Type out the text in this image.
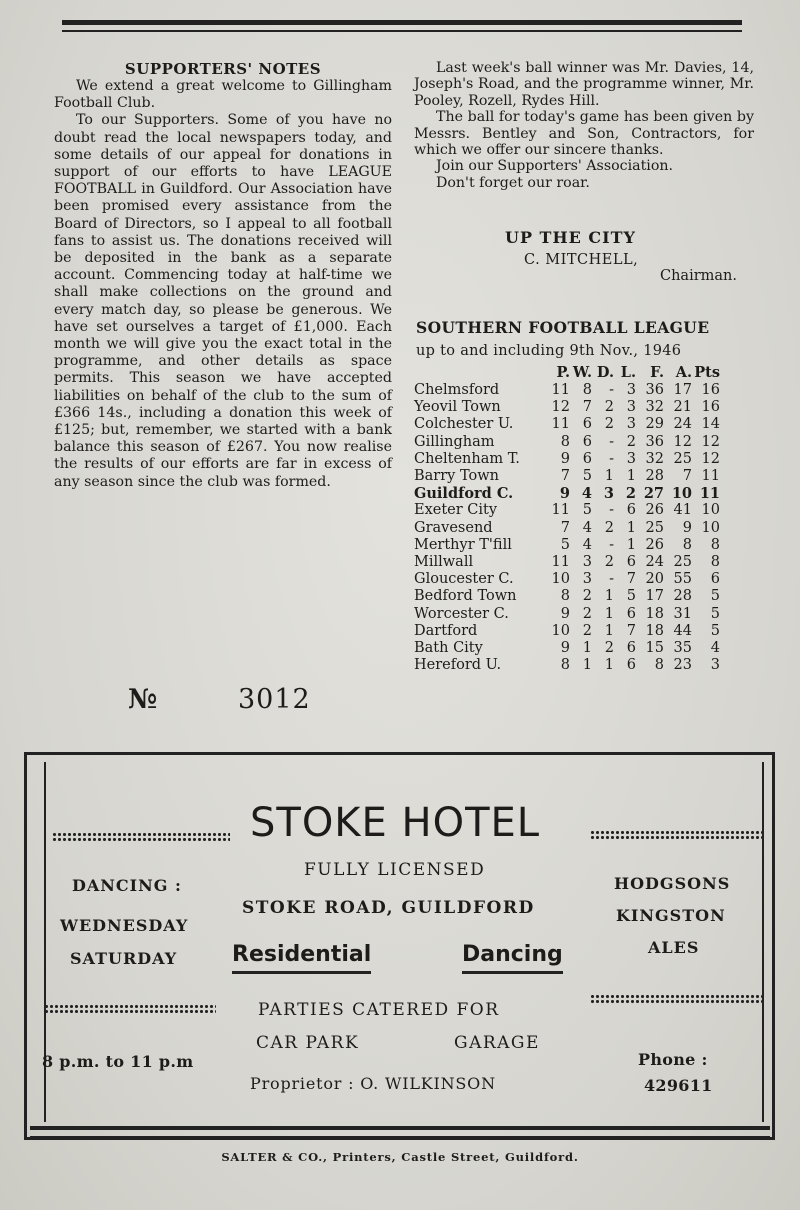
SUPPORTERS' NOTES

We extend a great welcome to Gillingham Football Club.

To our Supporters. Some of you have no doubt read the local newspapers today, and some details of our appeal for donations in support of our efforts to have LEAGUE FOOTBALL in Guildford. Our Association have been promised every assistance from the Board of Directors, so I appeal to all football fans to assist us. The donations received will be deposited in the bank as a separate account. Commencing today at half-time we shall make collections on the ground and every match day, so please be generous. We have set ourselves a target of £1,000. Each month we will give you the exact total in the programme, and other details as space permits. This season we have accepted liabilities on behalf of the club to the sum of £366 14s., including a donation this week of £125; but, remember, we started with a bank balance this season of £267. You now realise the results of our efforts are far in excess of any season since the club was formed.

Last week's ball winner was Mr. Davies, 14, Joseph's Road, and the programme winner, Mr. Pooley, Rozell, Rydes Hill.

The ball for today's game has been given by Messrs. Bentley and Son, Contractors, for which we offer our sincere thanks.

Join our Supporters' Association.

Don't forget our roar.

UP THE CITY
C. MITCHELL,
Chairman.
SOUTHERN FOOTBALL LEAGUE
up to and including 9th Nov., 1946
	P.	W.	D.	L.	F.	A.	Pts
Chelmsford	11	8	-	3	36	17	16
Yeovil Town	12	7	2	3	32	21	16
Colchester U.	11	6	2	3	29	24	14
Gillingham	8	6	-	2	36	12	12
Cheltenham T.	9	6	-	3	32	25	12
Barry Town	7	5	1	1	28	7	11
Guildford C.	9	4	3	2	27	10	11
Exeter City	11	5	-	6	26	41	10
Gravesend	7	4	2	1	25	9	10
Merthyr T'fill	5	4	-	1	26	8	8
Millwall	11	3	2	6	24	25	8
Gloucester C.	10	3	-	7	20	55	6
Bedford Town	8	2	1	5	17	28	5
Worcester C.	9	2	1	6	18	31	5
Dartford	10	2	1	7	18	44	5
Bath City	9	1	2	6	15	35	4
Hereford U.	8	1	1	6	8	23	3
№	3012
STOKE HOTEL
FULLY LICENSED
STOKE ROAD, GUILDFORD
Residential	Dancing
PARTIES CATERED FOR
CAR PARK	GARAGE
Proprietor : O. WILKINSON
DANCING :
WEDNESDAY
SATURDAY
8 p.m. to 11 p.m
HODGSONS
KINGSTON
ALES
Phone :
429611
SALTER & CO., Printers, Castle Street, Guildford.
